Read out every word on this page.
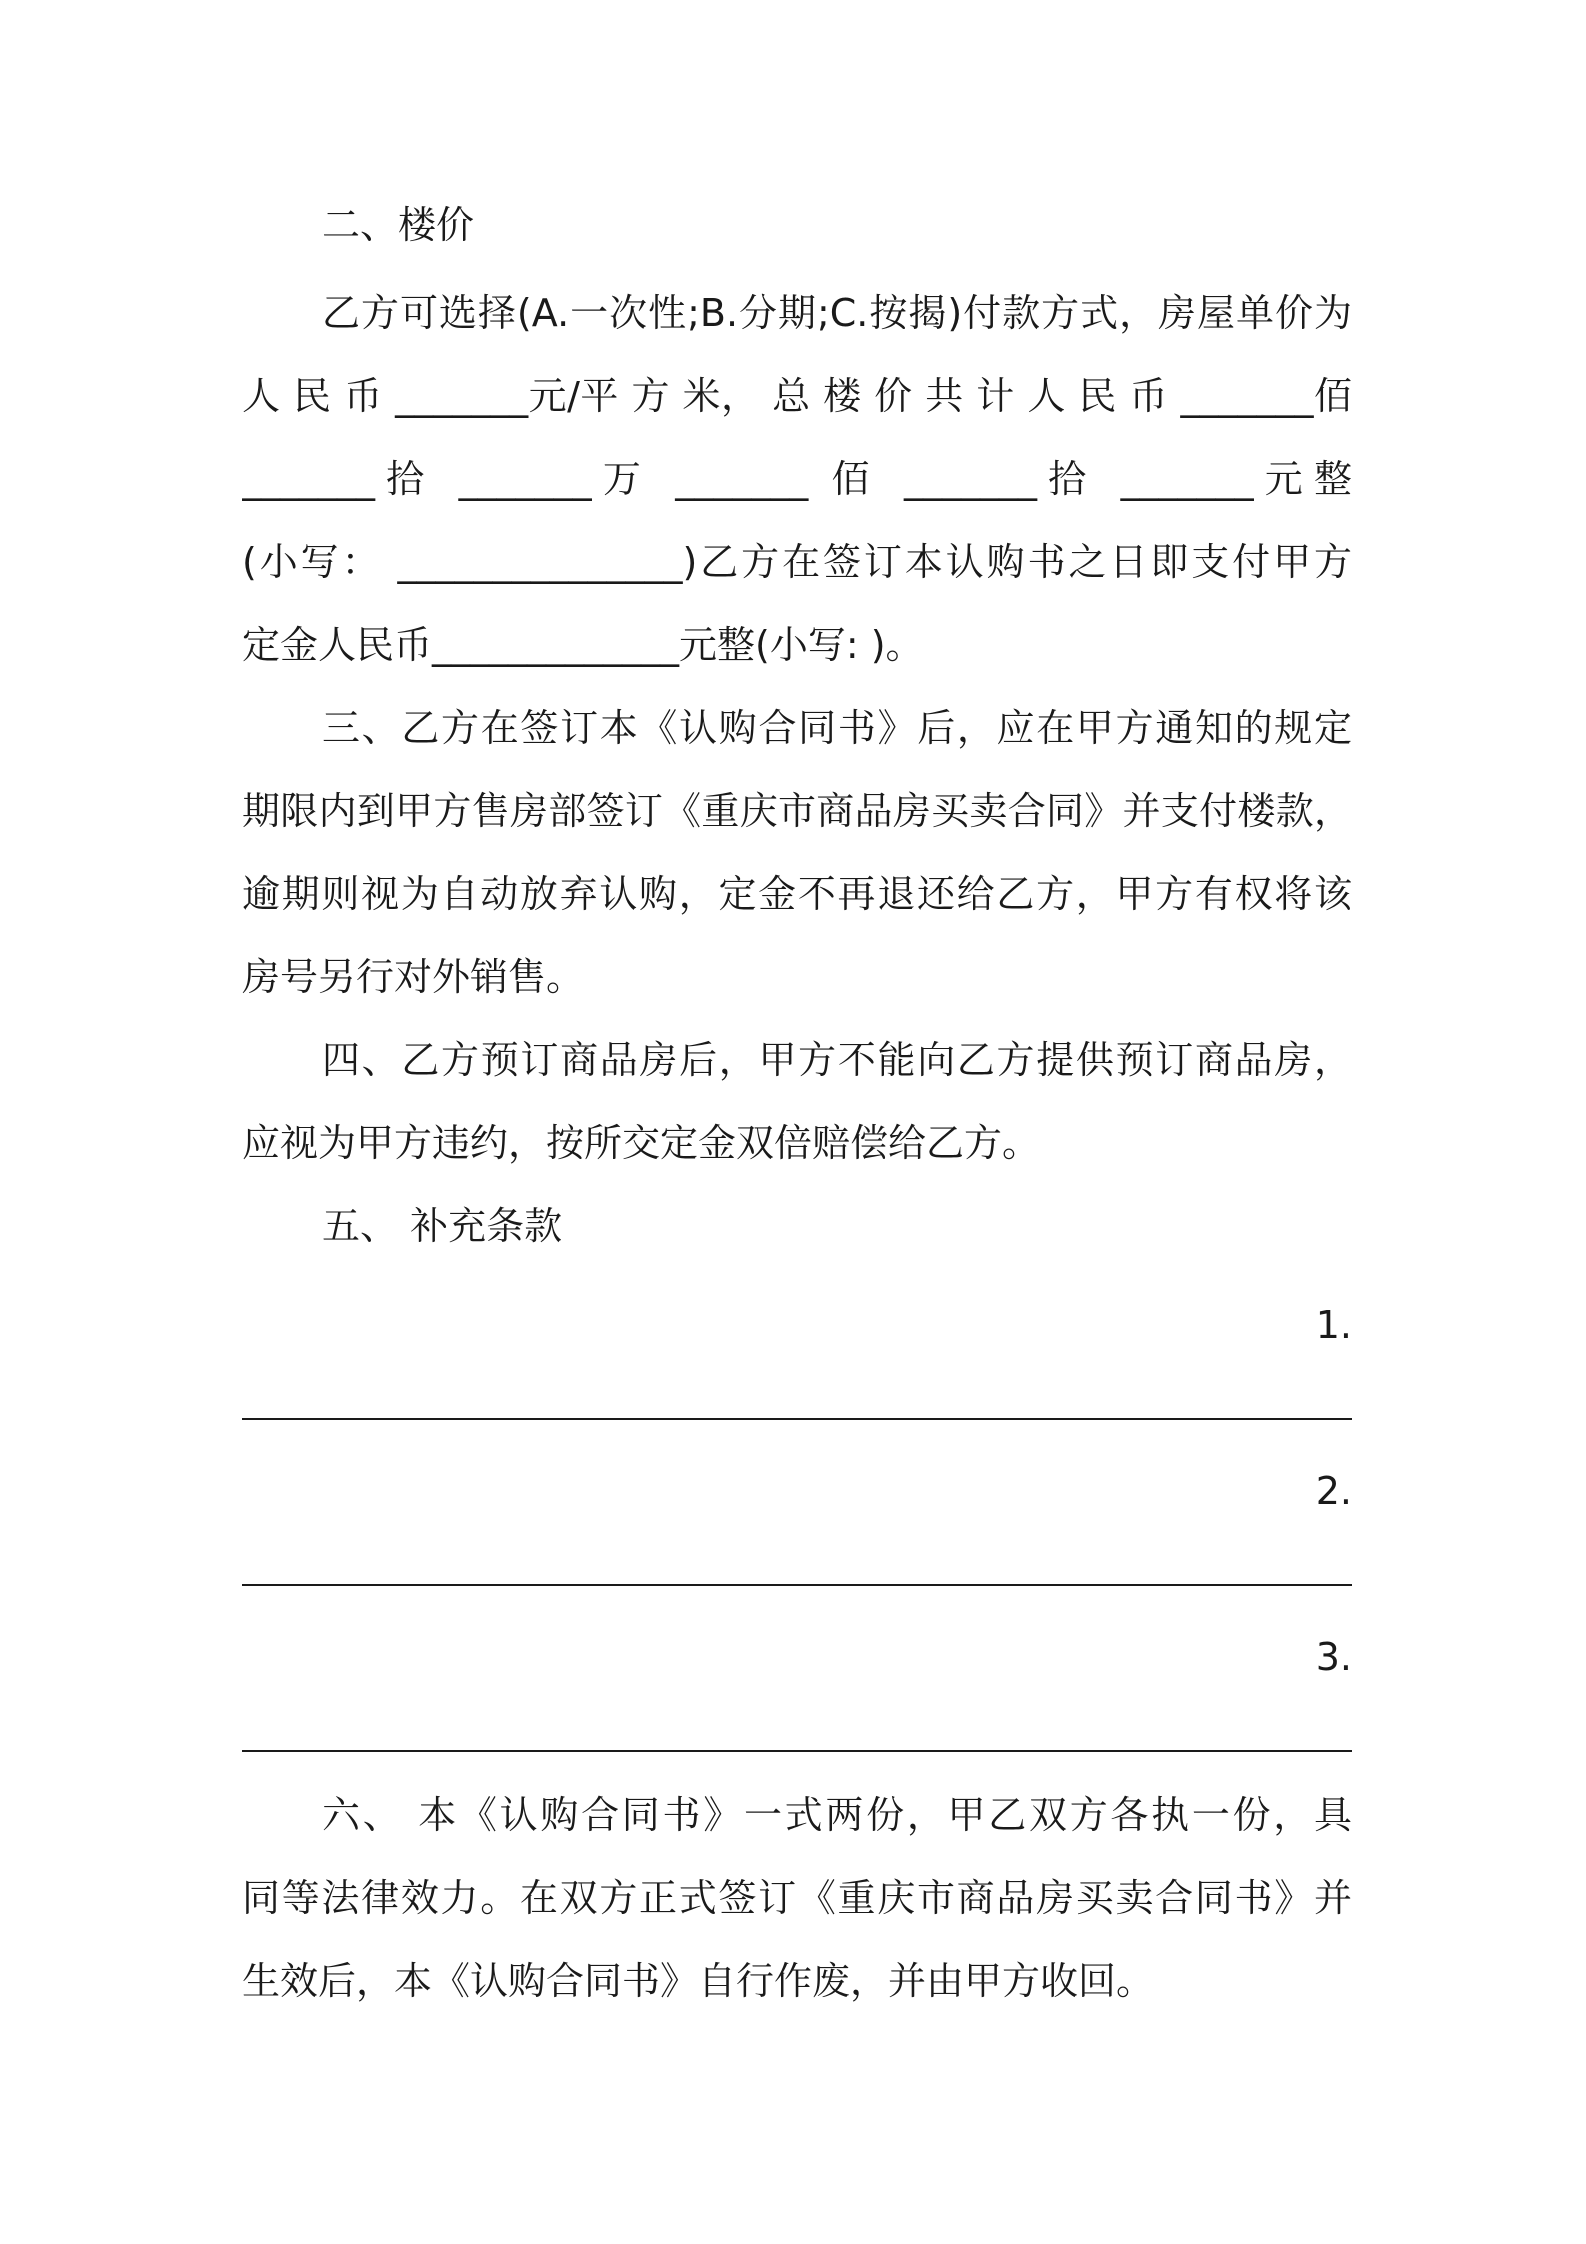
二、楼价
乙方可选择(A.一次性;B.分期;C.按揭)付款方式，房屋单价为
人 民 币 _______元/平 方 米， 总 楼 价 共 计 人 民 币 _______佰
_______拾 _______万 _______ 佰 _______拾 _______元整
(小写： _______________)乙方在签订本认购书之日即支付甲方
定金人民币_____________元整(小写: )。
三、乙方在签订本《认购合同书》后，应在甲方通知的规定
期限内到甲方售房部签订《重庆市商品房买卖合同》并支付楼款，
逾期则视为自动放弃认购，定金不再退还给乙方，甲方有权将该
房号另行对外销售。
四、乙方预订商品房后，甲方不能向乙方提供预订商品房，
应视为甲方违约，按所交定金双倍赔偿给乙方。
五、 补充条款
1.
2.
3.
六、 本《认购合同书》一式两份，甲乙双方各执一份，具
同等法律效力。在双方正式签订《重庆市商品房买卖合同书》并
生效后，本《认购合同书》自行作废，并由甲方收回。
